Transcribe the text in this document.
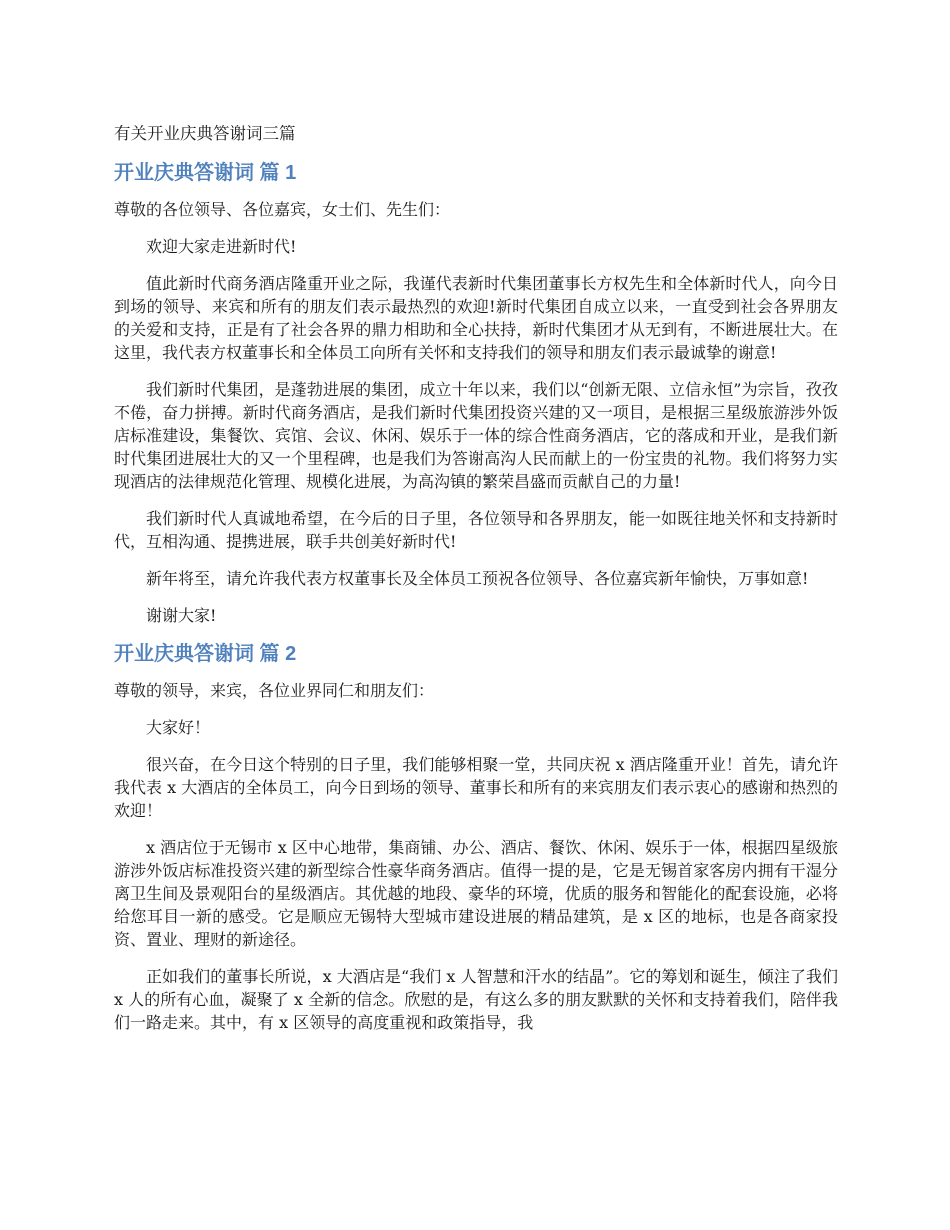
有关开业庆典答谢词三篇
开业庆典答谢词 篇 1

尊敬的各位领导、各位嘉宾，女士们、先生们：

欢迎大家走进新时代!

值此新时代商务酒店隆重开业之际，我谨代表新时代集团董事长方权先生和全体新时代人，向今日到场的领导、来宾和所有的朋友们表示最热烈的欢迎!新时代集团自成立以来，一直受到社会各界朋友的关爱和支持，正是有了社会各界的鼎力相助和全心扶持，新时代集团才从无到有，不断进展壮大。在这里，我代表方权董事长和全体员工向所有关怀和支持我们的领导和朋友们表示最诚挚的谢意!

我们新时代集团，是蓬勃进展的集团，成立十年以来，我们以“创新无限、立信永恒”为宗旨，孜孜不倦，奋力拼搏。新时代商务酒店，是我们新时代集团投资兴建的又一项目，是根据三星级旅游涉外饭店标准建设，集餐饮、宾馆、会议、休闲、娱乐于一体的综合性商务酒店，它的落成和开业，是我们新时代集团进展壮大的又一个里程碑，也是我们为答谢高沟人民而献上的一份宝贵的礼物。我们将努力实现酒店的法律规范化管理、规模化进展，为高沟镇的繁荣昌盛而贡献自己的力量!

我们新时代人真诚地希望，在今后的日子里，各位领导和各界朋友，能一如既往地关怀和支持新时代，互相沟通、提携进展，联手共创美好新时代!

新年将至，请允许我代表方权董事长及全体员工预祝各位领导、各位嘉宾新年愉快，万事如意!

谢谢大家!

开业庆典答谢词 篇 2

尊敬的领导，来宾，各位业界同仁和朋友们：

大家好！

很兴奋，在今日这个特别的日子里，我们能够相聚一堂，共同庆祝 x 酒店隆重开业！首先，请允许我代表 x 大酒店的全体员工，向今日到场的领导、董事长和所有的来宾朋友们表示衷心的感谢和热烈的欢迎！

x 酒店位于无锡市 x 区中心地带，集商铺、办公、酒店、餐饮、休闲、娱乐于一体，根据四星级旅游涉外饭店标准投资兴建的新型综合性豪华商务酒店。值得一提的是，它是无锡首家客房内拥有干湿分离卫生间及景观阳台的星级酒店。其优越的地段、豪华的环境，优质的服务和智能化的配套设施，必将给您耳目一新的感受。它是顺应无锡特大型城市建设进展的精品建筑，是 x 区的地标，也是各商家投资、置业、理财的新途径。

正如我们的董事长所说，x 大酒店是“我们 x 人智慧和汗水的结晶”。它的筹划和诞生，倾注了我们 x 人的所有心血，凝聚了 x 全新的信念。欣慰的是，有这么多的朋友默默的关怀和支持着我们，陪伴我们一路走来。其中，有 x 区领导的高度重视和政策指导，我
